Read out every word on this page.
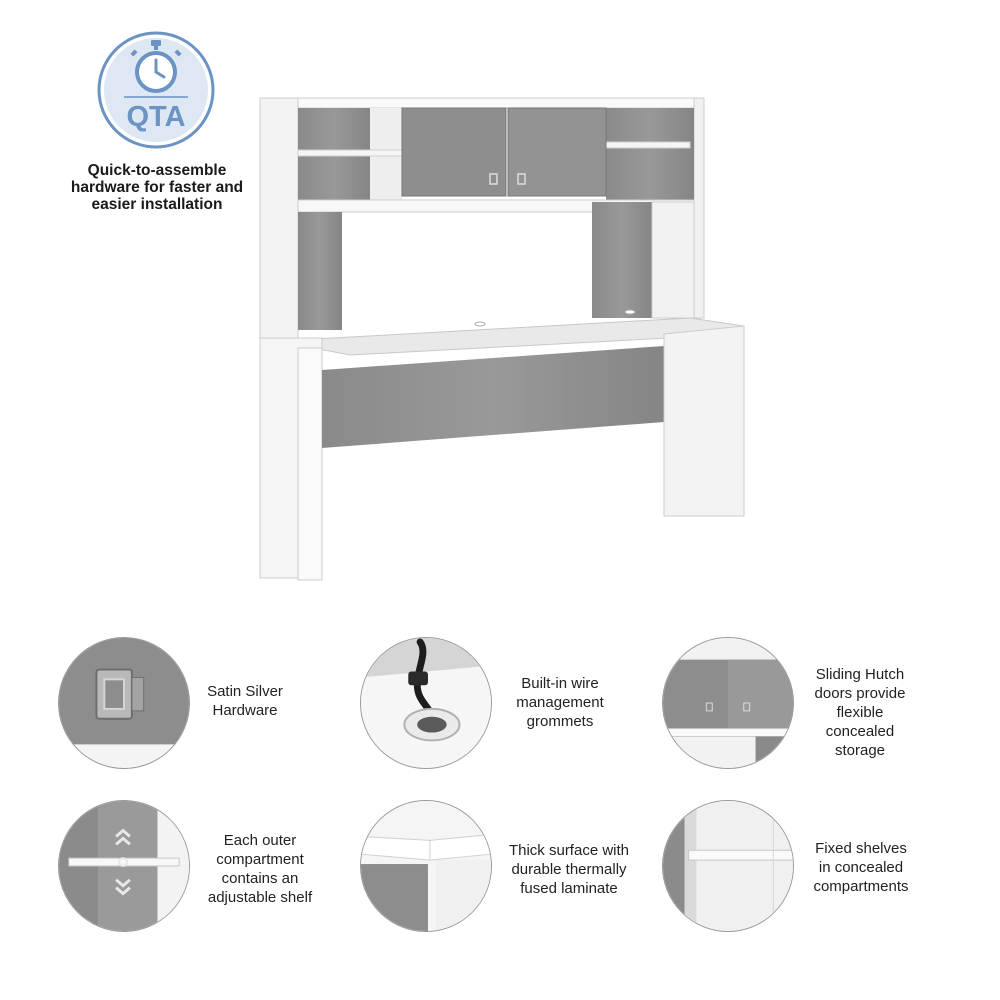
QTA
Quick-to-assemble
hardware for faster and
easier installation
Satin Silver
Hardware
Built-in wire
management
grommets
Sliding Hutch
doors provide
flexible
concealed
storage
Each outer
compartment
contains an
adjustable shelf
Thick surface with
durable thermally
fused laminate
Fixed shelves
in concealed
compartments
